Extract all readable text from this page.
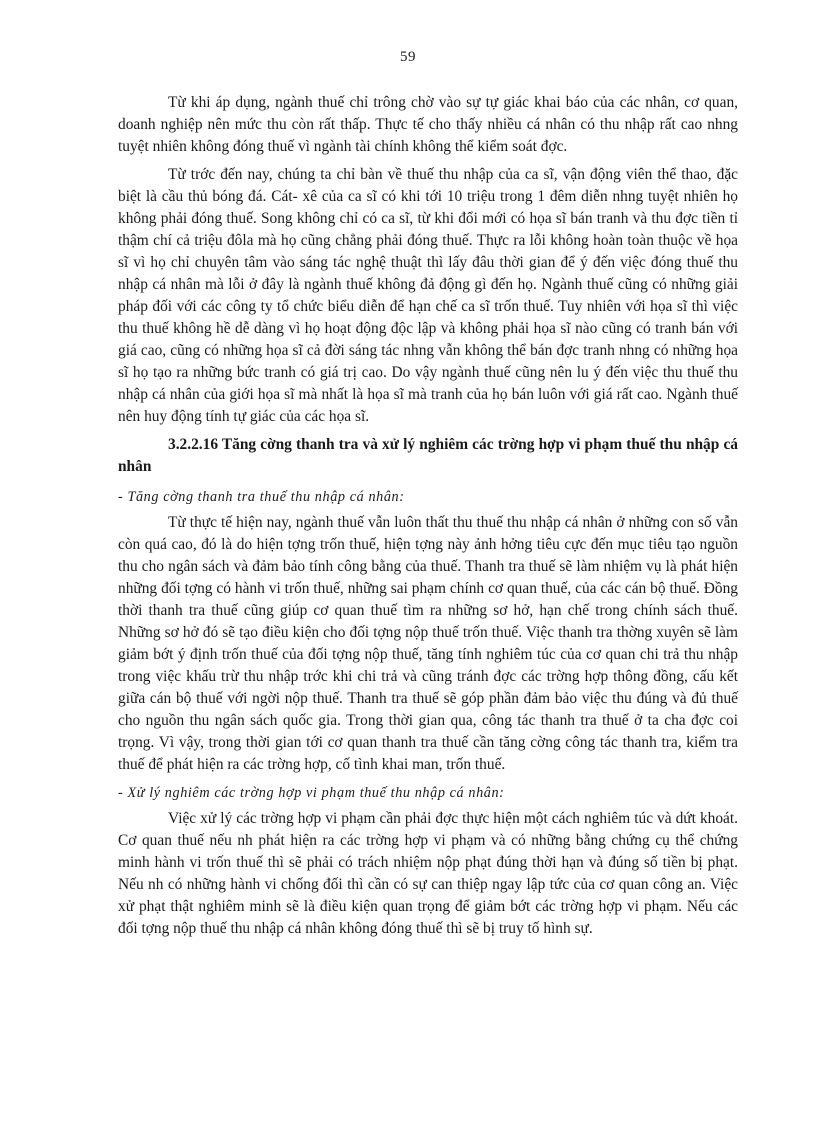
59

Từ khi áp dụng, ngành thuế chỉ trông chờ vào sự tự giác khai báo của các nhân, cơ quan, doanh nghiệp nên mức thu còn rất thấp. Thực tế cho thấy nhiều cá nhân có thu nhập rất cao nhng tuyệt nhiên không đóng thuế vì ngành tài chính không thể kiểm soát đợc.

Từ trớc đến nay, chúng ta chỉ bàn về thuế thu nhập của ca sĩ, vận động viên thể thao, đặc biệt là cầu thủ bóng đá. Cát- xê của ca sĩ có khi tới 10 triệu trong 1 đêm diễn nhng tuyệt nhiên họ không phải đóng thuế. Song không chỉ có ca sĩ, từ khi đổi mới có họa sĩ bán tranh và thu đợc tiền tỉ thậm chí cả triệu đôla mà họ cũng chẳng phải đóng thuế. Thực ra lỗi không hoàn toàn thuộc về họa sĩ vì họ chỉ chuyên tâm vào sáng tác nghệ thuật thì lấy đâu thời gian để ý đến việc đóng thuế thu nhập cá nhân mà lỗi ở đây là ngành thuế không đả động gì đến họ. Ngành thuế cũng có những giải pháp đối với các công ty tổ chức biểu diễn để hạn chế ca sĩ trốn thuế. Tuy nhiên với họa sĩ thì việc thu thuế không hề dễ dàng vì họ hoạt động độc lập và không phải họa sĩ nào cũng có tranh bán với giá cao, cũng có những họa sĩ cả đời sáng tác nhng vẫn không thể bán đợc tranh nhng có những họa sĩ họ tạo ra những bức tranh có giá trị cao. Do vậy ngành thuế cũng nên lu ý đến việc thu thuế thu nhập cá nhân của giới họa sĩ mà nhất là họa sĩ mà tranh của họ bán luôn với giá rất cao. Ngành thuế nên huy động tính tự giác của các họa sĩ.

3.2.2.16 Tăng cờng thanh tra và xử lý nghiêm các trờng hợp vi phạm thuế thu nhập cá nhân
- Tăng cờng thanh tra thuế thu nhập cá nhân:

Từ thực tế hiện nay, ngành thuế vẫn luôn thất thu thuế thu nhập cá nhân ở những con số vẫn còn quá cao, đó là do hiện tợng trốn thuế, hiện tợng này ảnh hởng tiêu cực đến mục tiêu tạo nguồn thu cho ngân sách và đảm bảo tính công bằng của thuế. Thanh tra thuế sẽ làm nhiệm vụ là phát hiện những đối tợng có hành vi trốn thuế, những sai phạm chính cơ quan thuế, của các cán bộ thuế. Đồng thời thanh tra thuế cũng giúp cơ quan thuế tìm ra những sơ hở, hạn chế trong chính sách thuế. Những sơ hở đó sẽ tạo điều kiện cho đối tợng nộp thuế trốn thuế. Việc thanh tra thờng xuyên sẽ làm giảm bớt ý định trốn thuế của đối tợng nộp thuế, tăng tính nghiêm túc của cơ quan chi trả thu nhập trong việc khấu trừ thu nhập trớc khi chi trả và cũng tránh đợc các trờng hợp thông đồng, cấu kết giữa cán bộ thuế với ngời nộp thuế. Thanh tra thuế sẽ góp phần đảm bảo việc thu đúng và đủ thuế cho nguồn thu ngân sách quốc gia. Trong thời gian qua, công tác thanh tra thuế ở ta cha đợc coi trọng. Vì vậy, trong thời gian tới cơ quan thanh tra thuế cần tăng cờng công tác thanh tra, kiểm tra thuế để phát hiện ra các trờng hợp, cố tình khai man, trốn thuế.

- Xử lý nghiêm các trờng hợp vi phạm thuế thu nhập cá nhân:

Việc xử lý các trờng hợp vi phạm cần phải đợc thực hiện một cách nghiêm túc và dứt khoát. Cơ quan thuế nếu nh phát hiện ra các trờng hợp vi phạm và có những bằng chứng cụ thể chứng minh hành vi trốn thuế thì sẽ phải có trách nhiệm nộp phạt đúng thời hạn và đúng số tiền bị phạt. Nếu nh có những hành vi chống đối thì cần có sự can thiệp ngay lập tức của cơ quan công an. Việc xử phạt thật nghiêm minh sẽ là điều kiện quan trọng để giảm bớt các trờng hợp vi phạm. Nếu các đối tợng nộp thuế thu nhập cá nhân không đóng thuế thì sẽ bị truy tố hình sự.
